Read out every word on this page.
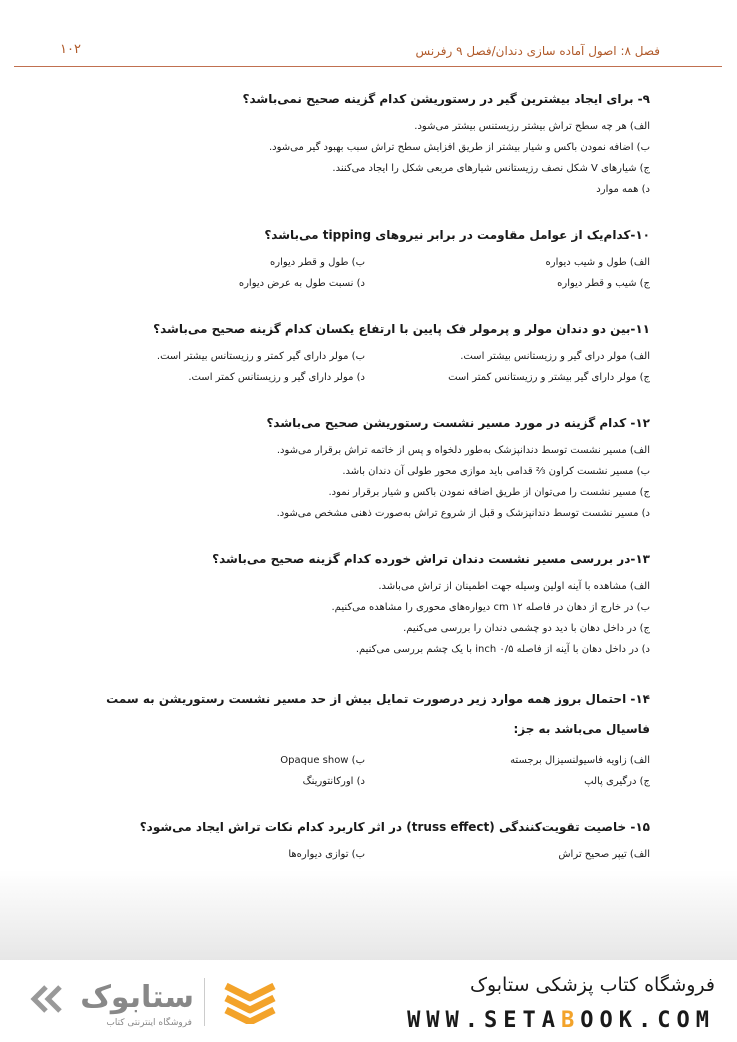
فصل ۸: اصول آماده سازی دندان/فصل ۹ رفرنس
۱۰۲
۹- برای ایجاد بیشترین گیر در رستوریشن کدام گزینه صحیح نمی‌باشد؟
الف) هر چه سطح تراش بیشتر رزیستنس بیشتر می‌شود.
ب) اضافه نمودن باکس و شیار بیشتر از طریق افزایش سطح تراش سبب بهبود گیر می‌شود.
ج) شیارهای V شکل نصف رزیستانس شیارهای مربعی شکل را ایجاد می‌کنند.
د) همه موارد
۱۰-کدام‌یک از عوامل مقاومت در برابر نیروهای tipping می‌باشد؟
الف) طول و شیب دیواره
ب) طول و قطر دیواره
ج) شیب و قطر دیواره
د) نسبت طول به عرض دیواره
۱۱-بین دو دندان مولر و پرمولر فک پایین با ارتفاع یکسان کدام گزینه صحیح می‌باشد؟
الف) مولر درای گیر و رزیستانس بیشتر است.
ب) مولر دارای گیر کمتر و رزیستانس بیشتر است.
ج) مولر دارای گیر بیشتر و رزیستانس کمتر است
د) مولر دارای گیر و رزیستانس کمتر است.
۱۲- کدام گزینه در مورد مسیر نشست رستوریشن صحیح می‌باشد؟
الف) مسیر نشست توسط دندانپزشک به‌طور دلخواه و پس از خاتمه تراش برقرار می‌شود.
ب) مسیر نشست کراون ⅔ قدامی باید موازی محور طولی آن دندان باشد.
ج) مسیر نشست را می‌توان از طریق اضافه نمودن باکس و شیار برقرار نمود.
د) مسیر نشست توسط دندانپزشک و قبل از شروع تراش به‌صورت ذهنی مشخص می‌شود.
۱۳-در بررسی مسیر نشست دندان تراش خورده کدام گزینه صحیح می‌باشد؟
الف) مشاهده با آینه اولین وسیله جهت اطمینان از تراش می‌باشد.
ب) در خارج از دهان در فاصله ۱۲ cm دیواره‌های محوری را مشاهده می‌کنیم.
ج) در داخل دهان با دید دو چشمی دندان را بررسی می‌کنیم.
د) در داخل دهان با آینه از فاصله inch ۰/۵ با یک چشم بررسی می‌کنیم.
۱۴- احتمال بروز همه موارد زیر درصورت تمایل بیش از حد مسیر نشست رستوریشن به سمت فاسیال می‌باشد به جز:
الف) زاویه فاسیولنسیزال برجسته
ب) Opaque show
ج) درگیری پالپ
د) اورکانتورینگ
۱۵- خاصیت تقویت‌کنندگی (truss effect) در اثر کاربرد کدام نکات تراش ایجاد می‌شود؟
الف) تیپر صحیح تراش
ب) توازی دیواره‌ها
فروشگاه کتاب پزشکی ستابوک
WWW.SETABOOK.COM
ستابوک
فروشگاه اینترنتی کتاب
